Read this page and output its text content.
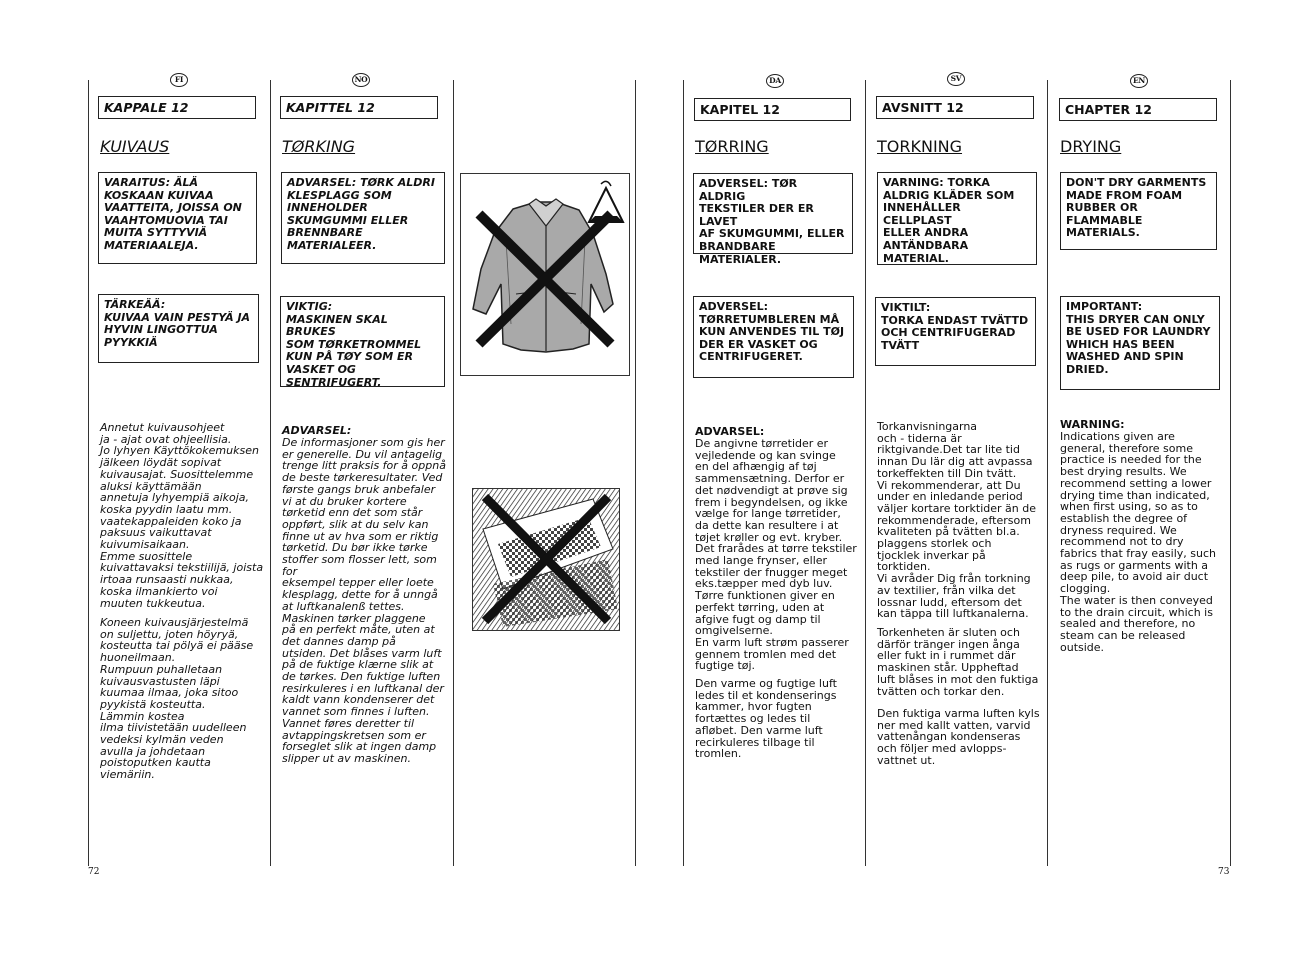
FI
KAPPALE 12
KUIVAUS
VARAITUS: ÄLÄ
KOSKAAN KUIVAA
VAATTEITA, JOISSA ON
VAAHTOMUOVIA TAI
MUITA SYTTYVIÄ
MATERIAALEJA.
TÄRKEÄÄ:
KUIVAA VAIN PESTYÄ JA
HYVIN LINGOTTUA
PYYKKIÄ
Annetut kuivausohjeet
ja - ajat ovat ohjeellisia.
Jo lyhyen Käyttökokemuksen
jälkeen löydät sopivat
kuivausajat. Suosittelemme
aluksi käyttämään
annetuja lyhyempiä aikoja,
koska pyydin laatu mm.
vaatekappaleiden koko ja
paksuus vaikuttavat
kuivumisaikaan.
Emme suosittele
kuivattavaksi tekstiilijä, joista
irtoaa runsaasti nukkaa,
koska ilmankierto voi
muuten tukkeutua.
Koneen kuivausjärjestelmä
on suljettu, joten höyryä,
kosteutta tai pölyä ei pääse
huoneilmaan.
Rumpuun puhalletaan
kuivausvastusten läpi
kuumaa ilmaa, joka sitoo
pyykistä kosteutta.
Lämmin kostea
ilma tiivistetään uudelleen
vedeksi kylmän veden
avulla ja johdetaan
poistoputken kautta
viemäriin.
NO
KAPITTEL 12
TØRKING
ADVARSEL: TØRK ALDRI
KLESPLAGG SOM
INNEHOLDER
SKUMGUMMI ELLER
BRENNBARE
MATERIALEER.
VIKTIG:
MASKINEN SKAL BRUKES
SOM TØRKETROMMEL
KUN PÅ TØY SOM ER
VASKET OG
SENTRIFUGERT.
ADVARSEL:
De informasjoner som gis her
er generelle. Du vil antagelig
trenge litt praksis for å oppnå
de beste tørkeresultater. Ved
første gangs bruk anbefaler
vi at du bruker kortere
tørketid enn det som står
oppført, slik at du selv kan
finne ut av hva som er riktig
tørketid. Du bør ikke tørke
stoffer som flosser lett, som for
eksempel tepper eller loete
klesplagg, dette for å unngå
at luftkanalenß tettes.
Maskinen tørker plaggene
på en perfekt måte, uten at
det dannes damp på
utsiden. Det blåses varm luft
på de fuktige klærne slik at
de tørkes. Den fuktige luften
resirkuleres i en luftkanal der
kaldt vann kondenserer det
vannet som finnes i luften.
Vannet føres deretter til
avtappingskretsen som er
forseglet slik at ingen damp
slipper ut av maskinen.
DA
KAPITEL 12
TØRRING
ADVERSEL: TØR ALDRIG
TEKSTILER DER ER LAVET
AF SKUMGUMMI, ELLER
BRANDBARE
MATERIALER.
ADVERSEL:
TØRRETUMBLEREN MÅ
KUN ANVENDES TIL TØJ
DER ER VASKET OG
CENTRIFUGERET.
ADVARSEL:
De angivne tørretider er
vejledende og kan svinge
en del afhængig af tøj
sammensætning. Derfor er
det nødvendigt at prøve sig
frem i begyndelsen, og ikke
vælge for lange tørretider,
da dette kan resultere i at
tøjet krøller og evt. kryber.
Det frarådes at tørre tekstiler
med lange frynser, eller
tekstiler der fnugger meget
eks.tæpper med dyb luv.
Tørre funktionen giver en
perfekt tørring, uden at
afgive fugt og damp til
omgivelserne.
En varm luft strøm passerer
gennem tromlen med det
fugtige tøj.
Den varme og fugtige luft
ledes til et kondenserings
kammer, hvor fugten
fortættes og ledes til
afløbet. Den varme luft
recirkuleres tilbage til
tromlen.
SV
AVSNITT 12
TORKNING
VARNING: TORKA
ALDRIG KLÄDER SOM
INNEHÅLLER CELLPLAST
ELLER ANDRA
ANTÄNDBARA
MATERIAL.
VIKTILT:
TORKA ENDAST TVÄTTD
OCH CENTRIFUGERAD
TVÄTT
Torkanvisningarna
och - tiderna är
riktgivande.Det tar lite tid
innan Du lär dig att avpassa
torkeffekten till Din tvätt.
Vi rekommenderar, att Du
under en inledande period
väljer kortare torktider än de
rekommenderade, eftersom
kvaliteten på tvätten bl.a.
plaggens storlek och
tjocklek inverkar på
torktiden.
Vi avråder Dig från torkning
av textilier, från vilka det
lossnar ludd, eftersom det
kan täppa till luftkanalerna.
Torkenheten är sluten och
därför tränger ingen ånga
eller fukt in i rummet där
maskinen står. Uppheftad
luft blåses in mot den fuktiga
tvätten och torkar den.
Den fuktiga varma luften kyls
ner med kallt vatten, varvid
vattenångan kondenseras
och följer med avlopps-
vattnet ut.
EN
CHAPTER 12
DRYING
DON'T DRY GARMENTS
MADE FROM FOAM
RUBBER OR
FLAMMABLE
MATERIALS.
IMPORTANT:
THIS DRYER CAN ONLY
BE USED FOR LAUNDRY
WHICH HAS BEEN
WASHED AND SPIN
DRIED.
WARNING:
Indications given are
general, therefore some
practice is needed for the
best drying results. We
recommend setting a lower
drying time than indicated,
when first using, so as to
establish the degree of
dryness required. We
recommend not to dry
fabrics that fray easily, such
as rugs or garments with a
deep pile, to avoid air duct
clogging.
The water is then conveyed
to the drain circuit, which is
sealed and therefore, no
steam can be released
outside.
72	73
